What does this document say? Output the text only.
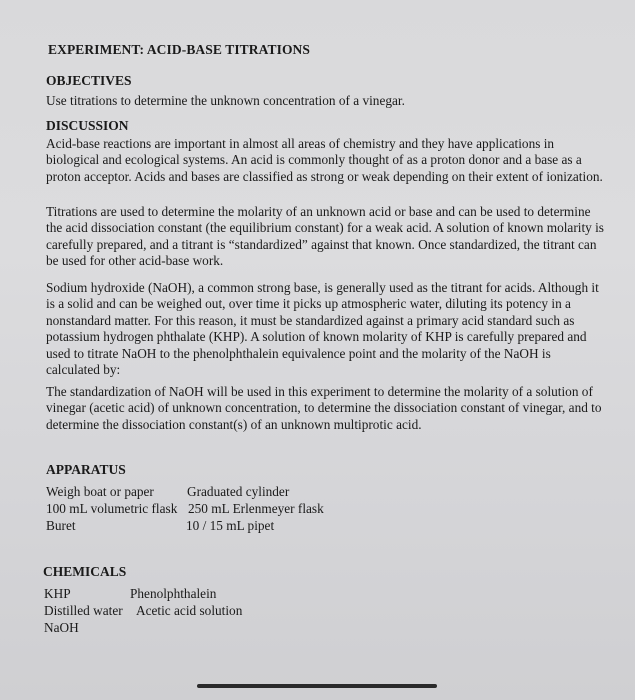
EXPERIMENT: ACID-BASE TITRATIONS
OBJECTIVES
Use titrations to determine the unknown concentration of a vinegar.
DISCUSSION
Acid-base reactions are important in almost all areas of chemistry and they have applications in biological and ecological systems. An acid is commonly thought of as a proton donor and a base as a proton acceptor. Acids and bases are classified as strong or weak depending on their extent of ionization.
Titrations are used to determine the molarity of an unknown acid or base and can be used to determine the acid dissociation constant (the equilibrium constant) for a weak acid. A solution of known molarity is carefully prepared, and a titrant is “standardized” against that known. Once standardized, the titrant can be used for other acid-base work.
Sodium hydroxide (NaOH), a common strong base, is generally used as the titrant for acids. Although it is a solid and can be weighed out, over time it picks up atmospheric water, diluting its potency in a nonstandard matter. For this reason, it must be standardized against a primary acid standard such as potassium hydrogen phthalate (KHP). A solution of known molarity of KHP is carefully prepared and used to titrate NaOH to the phenolphthalein equivalence point and the molarity of the NaOH is calculated by:
The standardization of NaOH will be used in this experiment to determine the molarity of a solution of vinegar (acetic acid) of unknown concentration, to determine the dissociation constant of vinegar, and to determine the dissociation constant(s) of an unknown multiprotic acid.
APPARATUS
Weigh boat or paper Graduated cylinder
100 mL volumetric flask 250 mL Erlenmeyer flask
Buret	10 / 15 mL pipet
CHEMICALS
KHP	Phenolphthalein
Distilled water Acetic acid solution
NaOH
